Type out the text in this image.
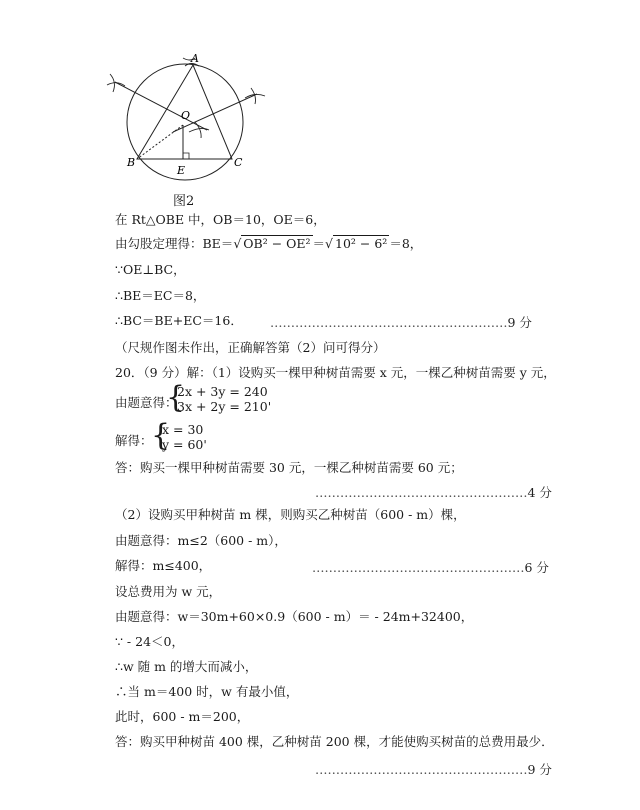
A
O
B
E
C
图2
在 Rt△OBE 中，OB＝10，OE＝6，
由勾股定理得：BE＝√ OB² − OE² ＝√ 10² − 6² ＝8，
∵OE⊥BC，
∴BE＝EC＝8，
∴BC＝BE+EC＝16． …………………………………………………9 分
（尺规作图未作出，正确解答第（2）问可得分）
20．（9 分）解：（1）设购买一棵甲种树苗需要 x 元，一棵乙种树苗需要 y 元，
由题意得：
{
2x + 3y = 240
3x + 2y = 210'
解得：
{
x = 30
y = 60'
答：购买一棵甲种树苗需要 30 元，一棵乙种树苗需要 60 元；
……………………………………………4 分
（2）设购买甲种树苗 m 棵，则购买乙种树苗（600 - m）棵，
由题意得：m≤2（600 - m），
解得：m≤400，	……………………………………………6 分
设总费用为 w 元，
由题意得：w＝30m+60×0.9（600 - m）＝ - 24m+32400，
∵ - 24＜0，
∴w 随 m 的增大而减小，
∴当 m＝400 时，w 有最小值，
此时，600 - m＝200，
答：购买甲种树苗 400 棵，乙种树苗 200 棵，才能使购买树苗的总费用最少．
……………………………………………9 分
